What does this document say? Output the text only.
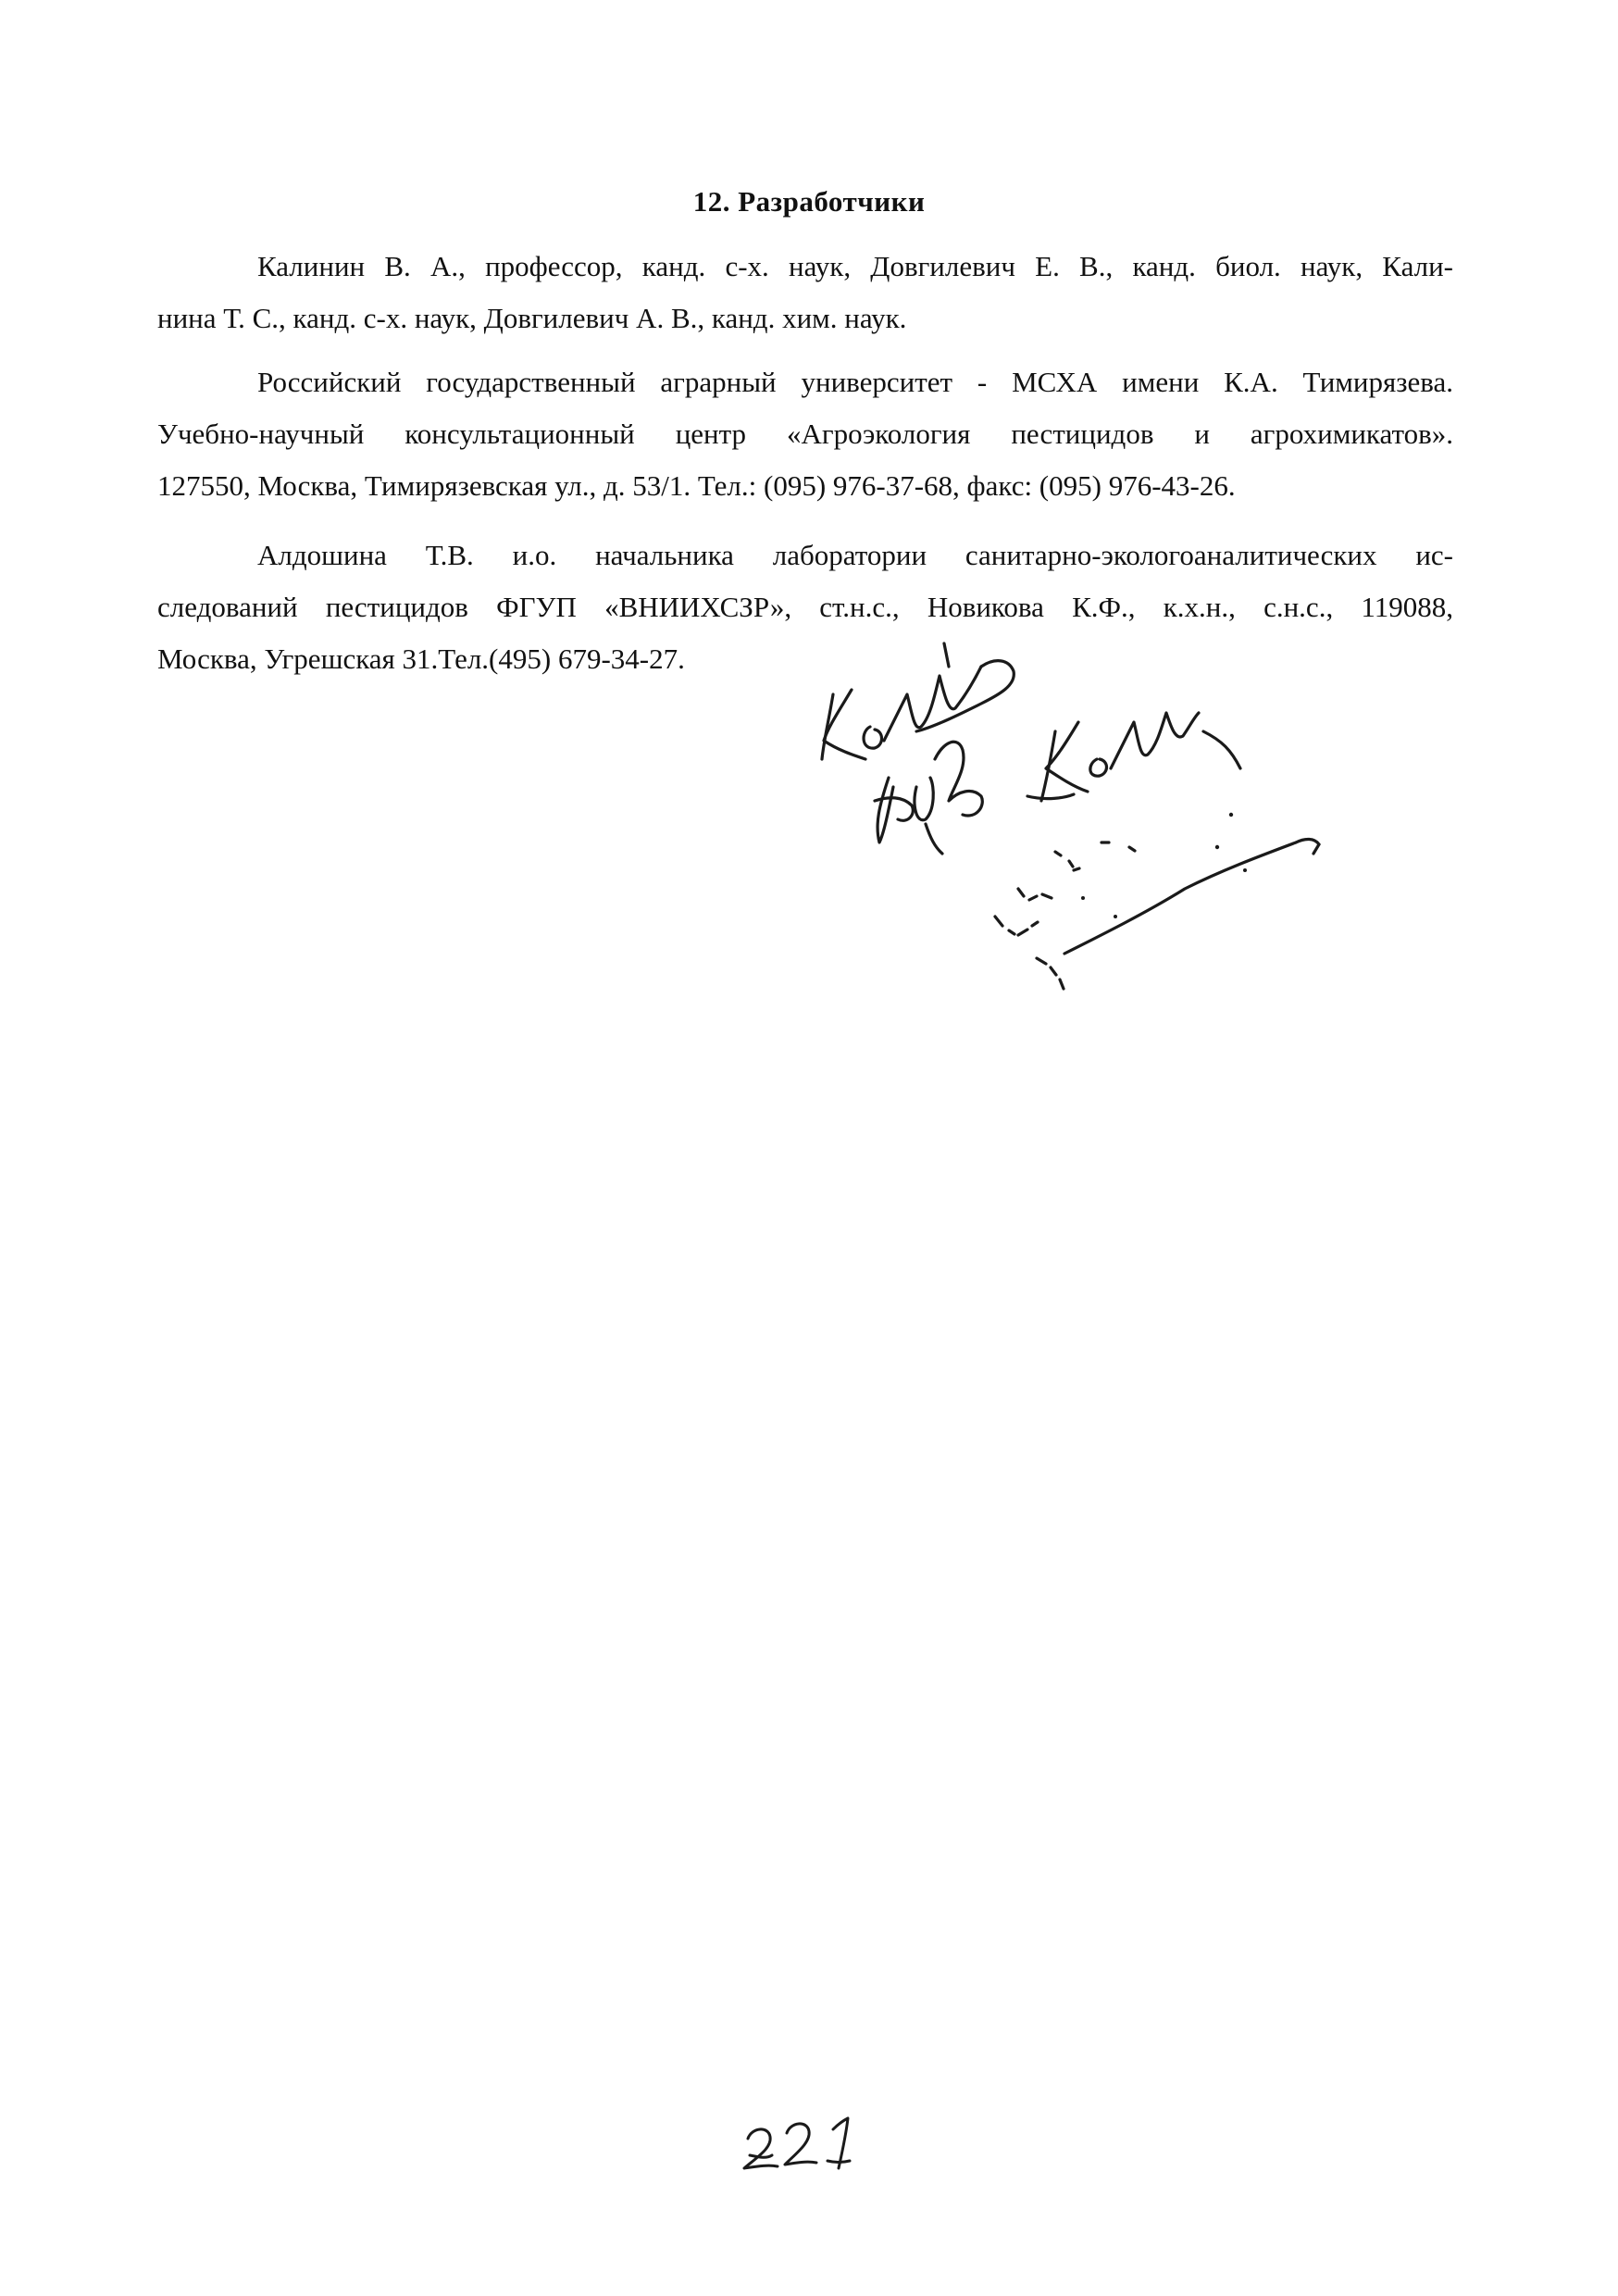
12. Разработчики

Калинин В. А., профессор, канд. с-х. наук, Довгилевич Е. В., канд. биол. наук, Кали-
нина Т. С., канд. с-х. наук, Довгилевич А. В., канд. хим. наук.

Российский государственный аграрный университет - МСХА имени К.А. Тимирязева.
Учебно-научный консультационный центр «Агроэкология пестицидов и агрохимикатов».
127550, Москва, Тимирязевская ул., д. 53/1. Тел.: (095) 976-37-68, факс: (095) 976-43-26.

Алдошина Т.В. и.о. начальника лаборатории санитарно-экологоаналитических ис-
следований пестицидов ФГУП «ВНИИХСЗР», ст.н.с., Новикова К.Ф., к.х.н., с.н.с., 119088,
Москва, Угрешская 31.Тел.(495) 679-34-27.
